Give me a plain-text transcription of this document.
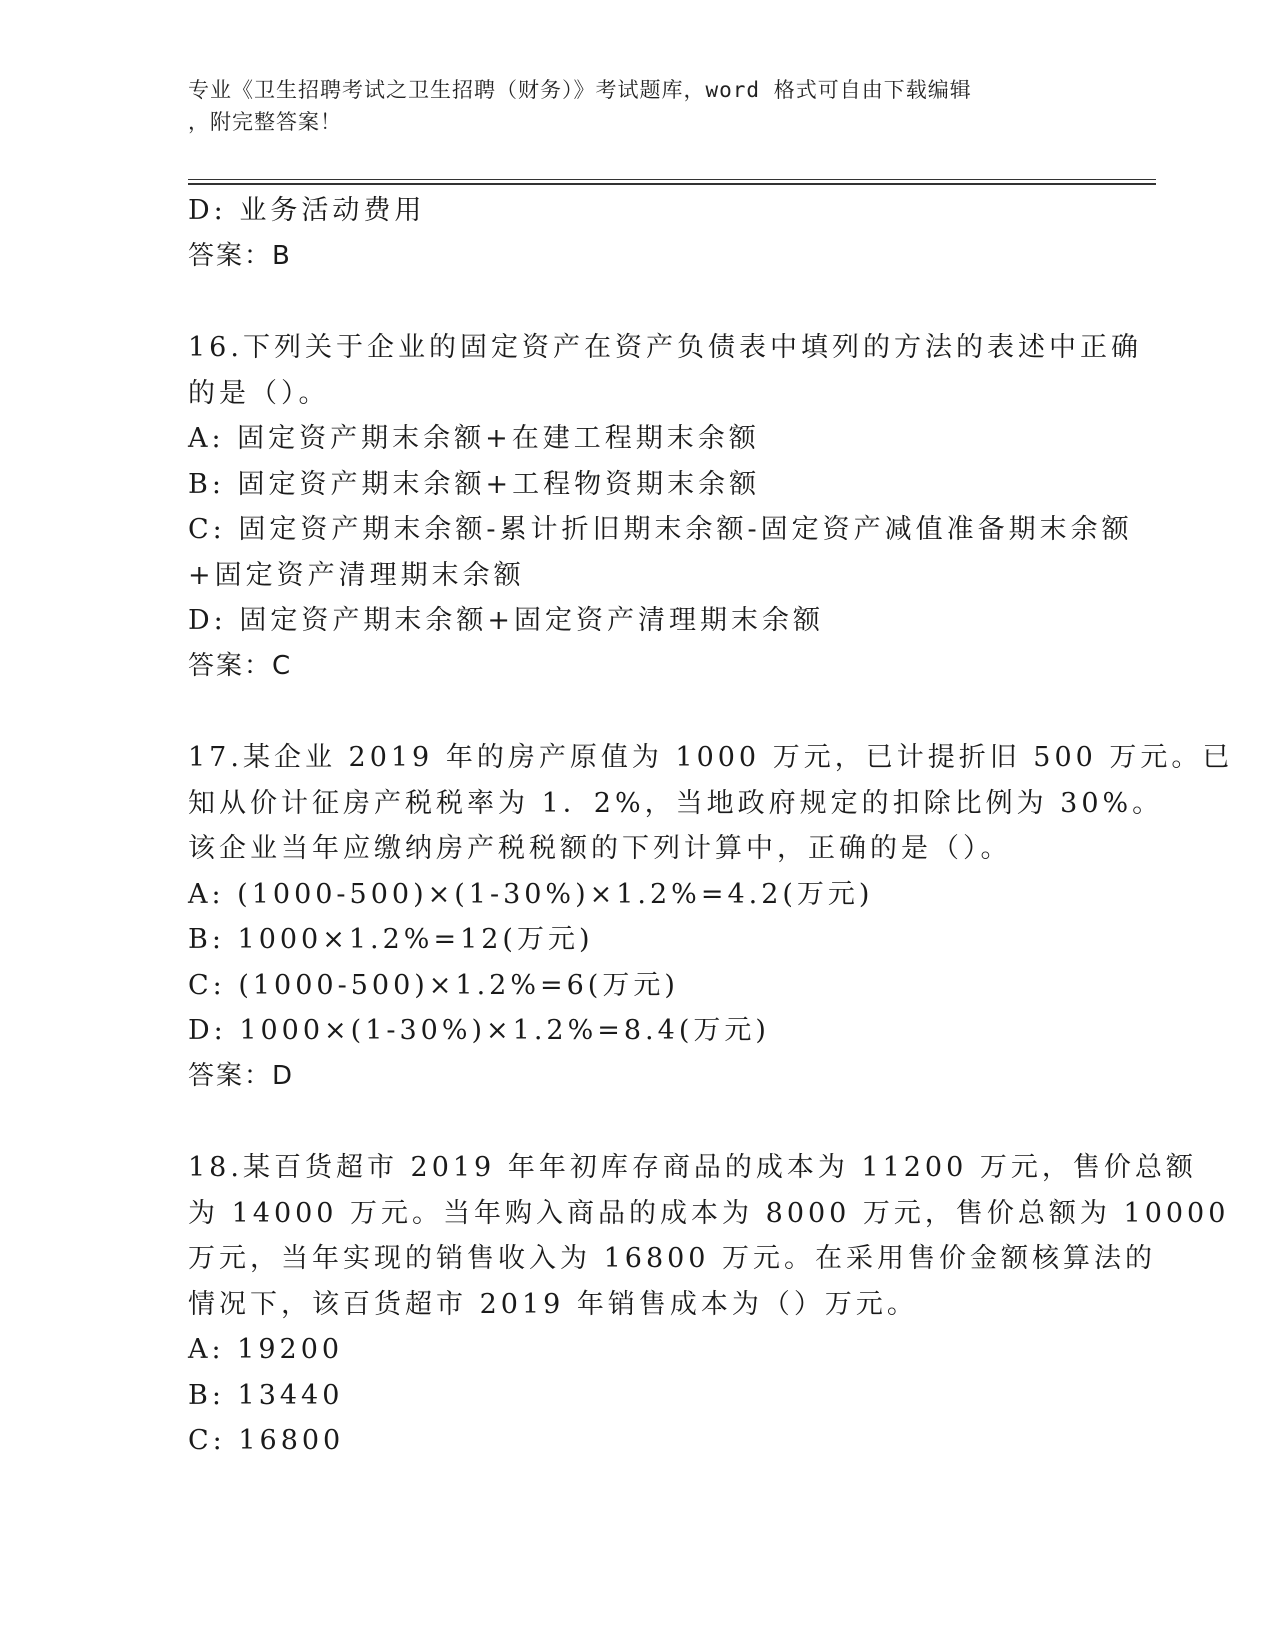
专业《卫生招聘考试之卫生招聘（财务）》考试题库，word 格式可自由下载编辑
，附完整答案！
D: 业务活动费用
答案：B
16.下列关于企业的固定资产在资产负债表中填列的方法的表述中正确
的是（）。
A: 固定资产期末余额+在建工程期末余额
B: 固定资产期末余额+工程物资期末余额
C: 固定资产期末余额-累计折旧期末余额-固定资产减值准备期末余额
+固定资产清理期末余额
D: 固定资产期末余额+固定资产清理期末余额
答案：C
17.某企业 2019 年的房产原值为 1000 万元，已计提折旧 500 万元。已
知从价计征房产税税率为 1．2%，当地政府规定的扣除比例为 30%。
该企业当年应缴纳房产税税额的下列计算中，正确的是（）。
A: (1000-500)×(1-30%)×1.2%=4.2(万元)
B: 1000×1.2%=12(万元)
C: (1000-500)×1.2%=6(万元)
D: 1000×(1-30%)×1.2%=8.4(万元)
答案：D
18.某百货超市 2019 年年初库存商品的成本为 11200 万元，售价总额
为 14000 万元。当年购入商品的成本为 8000 万元，售价总额为 10000
万元，当年实现的销售收入为 16800 万元。在采用售价金额核算法的
情况下，该百货超市 2019 年销售成本为（）万元。
A: 19200
B: 13440
C: 16800
